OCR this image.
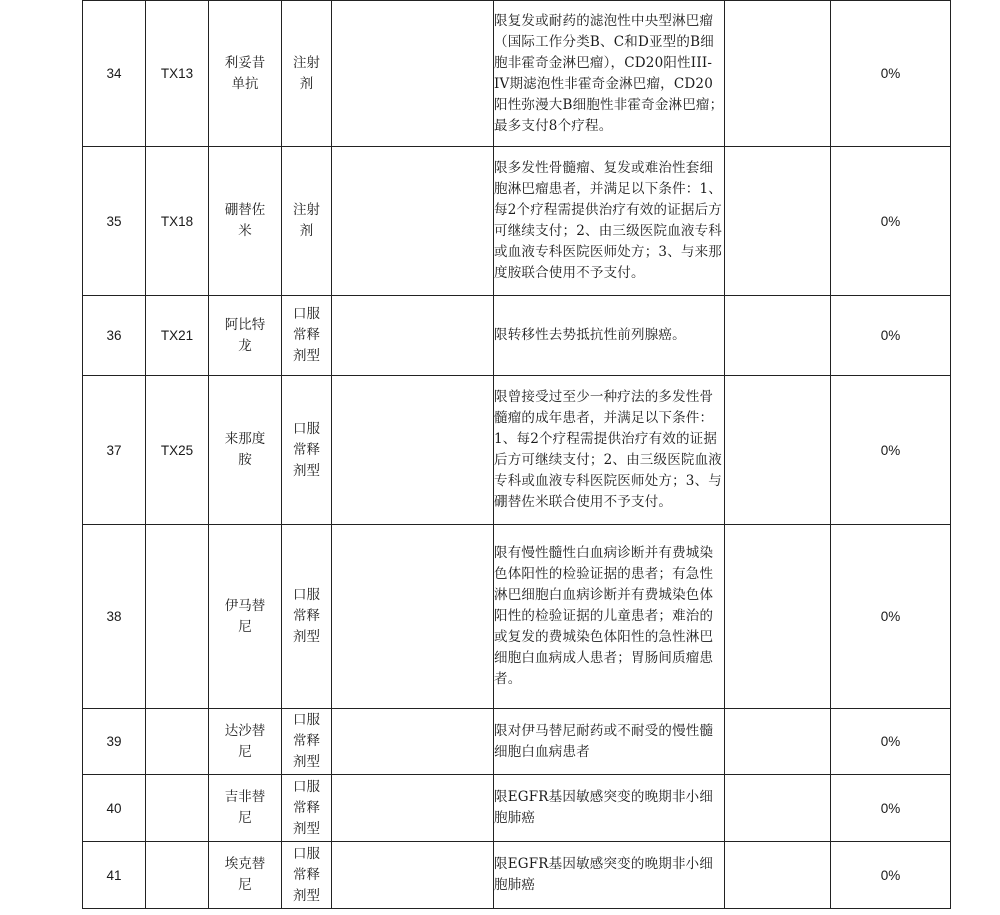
34	TX13	利妥昔单抗	注射剂		限复发或耐药的滤泡性中央型淋巴瘤（国际工作分类B、C和D亚型的B细胞非霍奇金淋巴瘤），CD20阳性III-IV期滤泡性非霍奇金淋巴瘤，CD20阳性弥漫大B细胞性非霍奇金淋巴瘤；最多支付8个疗程。		0%
35	TX18	硼替佐米	注射剂		限多发性骨髓瘤、复发或难治性套细胞淋巴瘤患者，并满足以下条件：1、每2个疗程需提供治疗有效的证据后方可继续支付；2、由三级医院血液专科或血液专科医院医师处方；3、与来那度胺联合使用不予支付。		0%
36	TX21	阿比特龙	口服常释剂型		限转移性去势抵抗性前列腺癌。		0%
37	TX25	来那度胺	口服常释剂型		限曾接受过至少一种疗法的多发性骨髓瘤的成年患者，并满足以下条件：1、每2个疗程需提供治疗有效的证据后方可继续支付；2、由三级医院血液专科或血液专科医院医师处方；3、与硼替佐米联合使用不予支付。		0%
38		伊马替尼	口服常释剂型		限有慢性髓性白血病诊断并有费城染色体阳性的检验证据的患者；有急性淋巴细胞白血病诊断并有费城染色体阳性的检验证据的儿童患者；难治的或复发的费城染色体阳性的急性淋巴细胞白血病成人患者；胃肠间质瘤患者。		0%
39		达沙替尼	口服常释剂型		限对伊马替尼耐药或不耐受的慢性髓细胞白血病患者		0%
40		吉非替尼	口服常释剂型		限EGFR基因敏感突变的晚期非小细胞肺癌		0%
41		埃克替尼	口服常释剂型		限EGFR基因敏感突变的晚期非小细胞肺癌		0%
